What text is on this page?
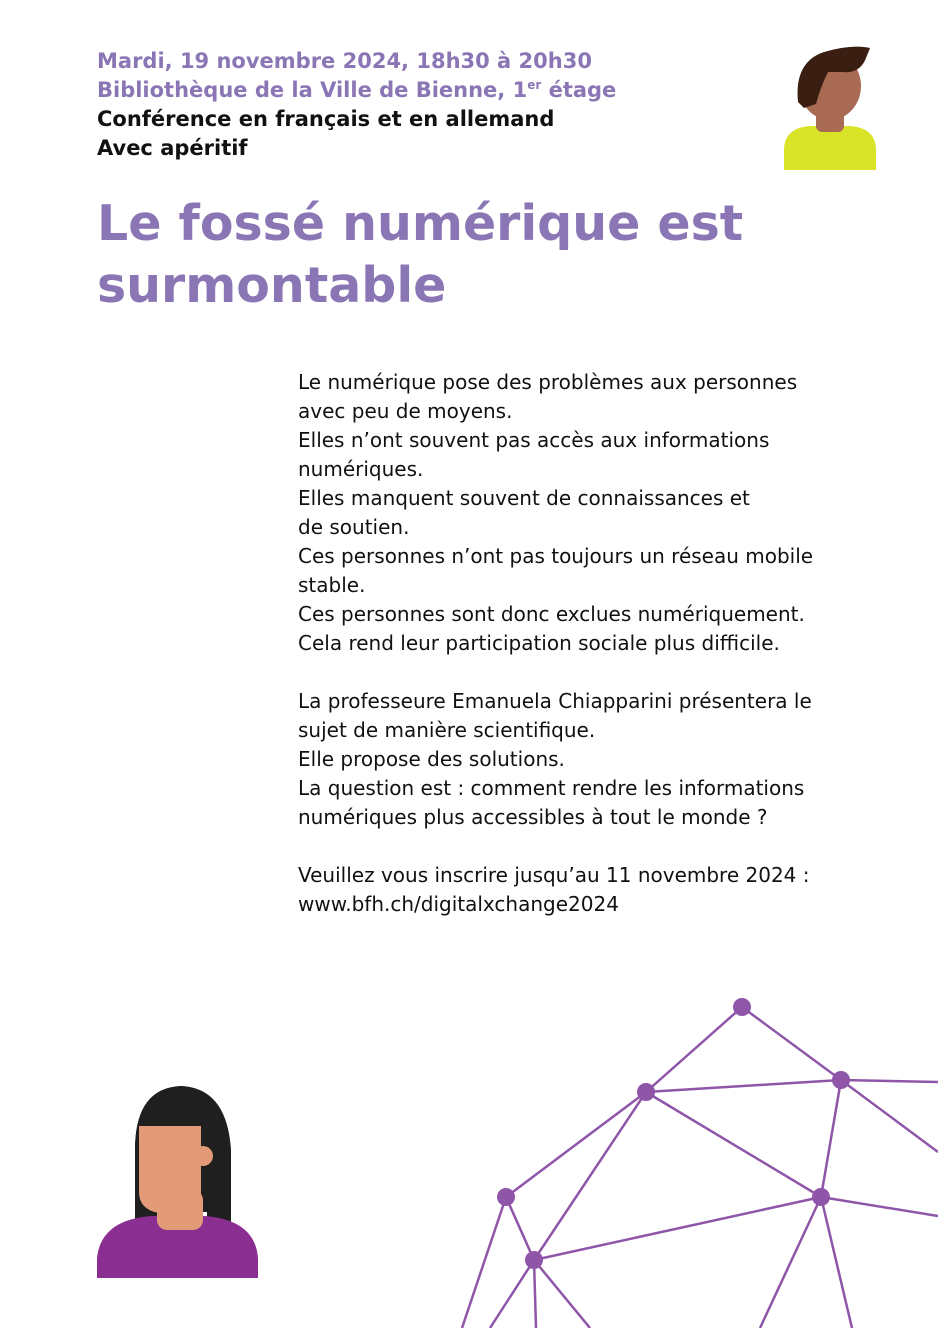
Mardi, 19 novembre 2024, 18h30 à 20h30
Bibliothèque de la Ville de Bienne, 1er étage
Conférence en français et en allemand
Avec apéritif
Le fossé numérique est
surmontable
Le numérique pose des problèmes aux personnes
avec peu de moyens.
Elles n’ont souvent pas accès aux informations
numériques.
Elles manquent souvent de connaissances et
de soutien.
Ces personnes n’ont pas toujours un réseau mobile
stable.
Ces personnes sont donc exclues numériquement.
Cela rend leur participation sociale plus difficile.
La professeure Emanuela Chiapparini présentera le
sujet de manière scientifique.
Elle propose des solutions.
La question est : comment rendre les informations
numériques plus accessibles à tout le monde ?
Veuillez vous inscrire jusqu’au 11 novembre 2024 :
www.bfh.ch/digitalxchange2024
